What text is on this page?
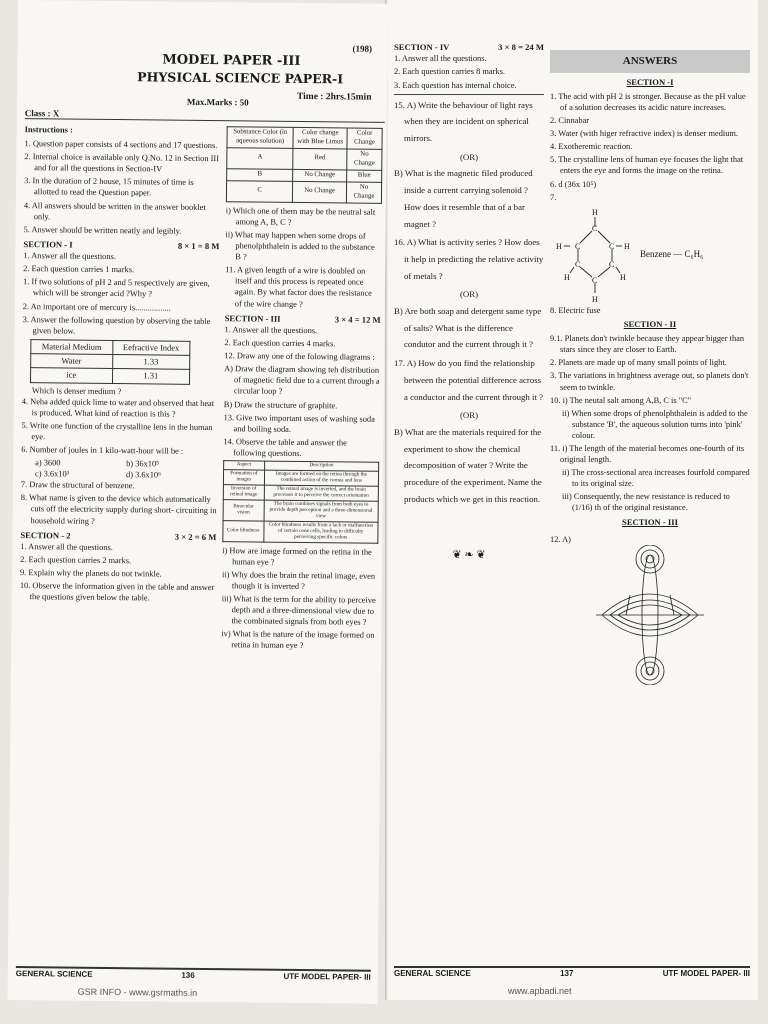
MODEL PAPER -III
PHYSICAL SCIENCE PAPER-I
(198)
Class : X
Max.Marks : 50	Time : 2hrs.15min
Instructions :
1. Question paper consists of 4 sections and 17 questions.
2. Internal choice is available only Q.No. 12 in Section III and for all the questions in Section-IV
3. In the duration of 2 house, 15 minutes of time is allotted to read the Question paper.
4. All answers should be written in the answer booklet only.
5. Answer should be written neatly and legibly.
SECTION - I	8 × 1 = 8 M
1. Answer all the questions.
2. Each question carries 1 marks.
1. If two solutions of pH 2 and 5 respectively are given, which will be stronger acid ?Why ?
2. An important ore of mercury is.................
3. Answer the following question by observing the table given below.
Material Medium	Eefractive Index
Water	1.33
ice	1.31
Which is denser medium ?
4. Neha added quick lime to water and observed that heat is produced. What kind of reaction is this ?
5. Write one function of the crystalline lens in the human eye.
6. Number of joules in 1 kilo-watt-hour will be :
a) 3600	b) 36x10⁵
c) 3.6x10³	d) 3.6x10⁶
7. Draw the structural of benzene.
8. What name is given to the device which automatically cuts off the electricity supply during short- circuiting in household wiring ?
SECTION - 2	3 × 2 = 6 M
1. Answer all the questions.
2. Each question carries 2 marks.
9. Explain why the planets do not twinkle.
10. Observe the information given in the table and answer the questions given below the table.
Substance Color (in aqueous solution)	Color change with Blue Limus	Color Change
A	Red	No Change
B	No Change	Blue
C	No Change	No Change
i) Which one of them may be the neutral salt among A, B, C ?
ii) What may happen when some drops of phenolphthalein is added to the substance B ?
11. A given length of a wire is doubled on itself and this process is repeated once again. By what factor does the resistance of the wire change ?
SECTION - III	3 × 4 = 12 M
1. Answer all the questions.
2. Each question carries 4 marks.
12. Draw any one of the folowing diagrams :
A) Draw the diagram showing teh distribution of magnetic field due to a current through a circular loop ?
B) Draw the structure of graphite.
13. Give two important uses of washing soda and boiling soda.
14. Observe the table and answer the following questions.
Aspect	Description
Formation of images	Images are formed on the retina through the combined action of the cornea and lens
Inversion of retinal image	The retinal image is inverted, and the brain processes it to perceive the correct orientation
Binocular vision	The brain combines signals from both eyes to provide depth perception and a three-dimensional view
Color blindness	Color blindness results from a lack or malfunction of certain cone cells, leading to difficulty perceiving specific colors
i) How are image formed on the retina in the human eye ?
ii) Why does the brain the retinal image, even though it is inverted ?
iii) What is the term for the ability to perceive depth and a three-dimensional view due to the combinated signals from both eyes ?
iv) What is the nature of the image formed on retina in human eye ?
GENERAL SCIENCE	136	UTF MODEL PAPER- III
GSR INFO - www.gsrmaths.in
SECTION - IV	3 × 8 = 24 M
1. Answer all the questions.
2. Each question carries 8 marks.
3. Each question has internal choice.
15. A) Write the behaviour of light rays when they are incident on spherical mirrors.
(OR)
B) What is the magnetic filed produced inside a current carrying solenoid ? How does it resemble that of a bar magnet ?
16. A) What is activity series ? How does it help in predicting the relative activity of metals ?
(OR)
B) Are both soap and detergent same type of salts? What is the difference condutor and the current through it ?
17. A) How do you find the relationship between the potential difference across a conductor and the current through it ?
(OR)
B) What are the materials required for the experiment to show the chemical decomposition of water ? Write the procedure of the experiment. Name the products which we get in this reaction.
❦ ❧ ❦
ANSWERS
SECTION -I
1. The acid with pH 2 is stronger. Because as the pH value of a solution decreases its acidic nature increases.
2. Cinnabar
3. Water (with higer refractive index) is denser medium.
4. Exotheremic reaction.
5. The crystalline lens of human eye focuses the light that enters the eye and forms the image on the retina.
6. d (36x 10⁵)
7.
H
C
C	C
C	C
C
H
H	H
H	H
Benzene — C₆H₆
8. Electric fuse
SECTION - II
9.1. Planets don't twinkle because they appear bigger than stars since they are closer to Earth.
2. Planets are made up of many small points of light.
3. The variations in brightness average out, so planets don't seem to twinkle.
10. i) The neutal salt among A,B, C is "C"
ii) When some drops of phenolphthalein is added to the substance 'B', the aqueous solution turns into 'pink' colour.
11. i) The length of the material becomes one-fourth of its original length.
ii) The cross-sectional area increases fourfold compared to its original size.
iii) Consequently, the new resistance is reduced to (1/16) th of the original resistance.
SECTION - III
12. A)
GENERAL SCIENCE	137	UTF MODEL PAPER- III
www.apbadi.net
